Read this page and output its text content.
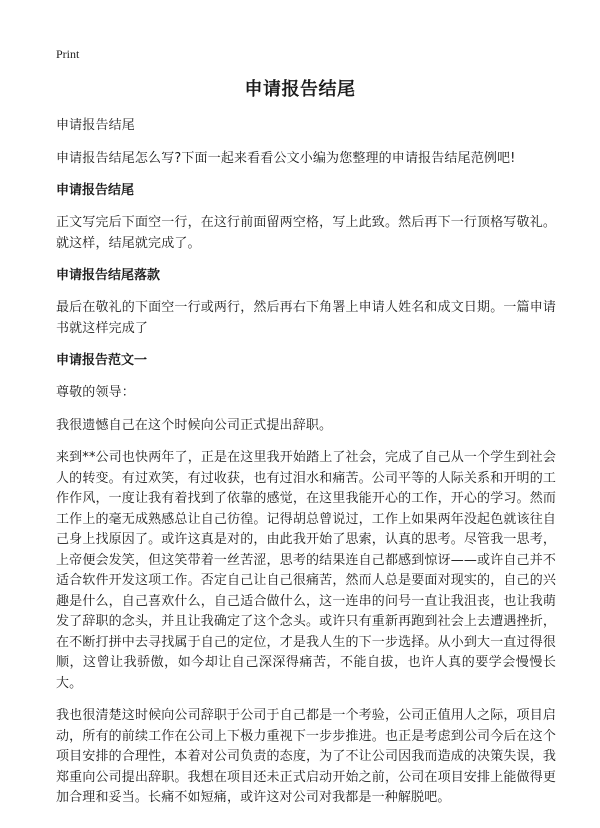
Print
申请报告结尾

申请报告结尾

申请报告结尾怎么写?下面一起来看看公文小编为您整理的申请报告结尾范例吧!

申请报告结尾

正文写完后下面空一行，在这行前面留两空格，写上此致。然后再下一行顶格写敬礼。就这样，结尾就完成了。

申请报告结尾落款

最后在敬礼的下面空一行或两行，然后再右下角署上申请人姓名和成文日期。一篇申请书就这样完成了

申请报告范文一

尊敬的领导：

我很遗憾自己在这个时候向公司正式提出辞职。

来到**公司也快两年了，正是在这里我开始踏上了社会，完成了自己从一个学生到社会人的转变。有过欢笑，有过收获，也有过泪水和痛苦。公司平等的人际关系和开明的工作作风，一度让我有着找到了依靠的感觉，在这里我能开心的工作，开心的学习。然而工作上的毫无成熟感总让自己彷徨。记得胡总曾说过，工作上如果两年没起色就该往自己身上找原因了。或许这真是对的，由此我开始了思索，认真的思考。尽管我一思考，上帝便会发笑，但这笑带着一丝苦涩，思考的结果连自己都感到惊讶——或许自己并不适合软件开发这项工作。否定自己让自己很痛苦，然而人总是要面对现实的，自己的兴趣是什么，自己喜欢什么，自己适合做什么，这一连串的问号一直让我沮丧，也让我萌发了辞职的念头，并且让我确定了这个念头。或许只有重新再跑到社会上去遭遇挫折，在不断打拼中去寻找属于自己的定位，才是我人生的下一步选择。从小到大一直过得很顺，这曾让我骄傲，如今却让自己深深得痛苦，不能自拔，也许人真的要学会慢慢长大。

我也很清楚这时候向公司辞职于公司于自己都是一个考验，公司正值用人之际，项目启动，所有的前续工作在公司上下极力重视下一步步推进。也正是考虑到公司今后在这个项目安排的合理性，本着对公司负责的态度，为了不让公司因我而造成的决策失误，我郑重向公司提出辞职。我想在项目还未正式启动开始之前，公司在项目安排上能做得更加合理和妥当。长痛不如短痛，或许这对公司对我都是一种解脱吧。
